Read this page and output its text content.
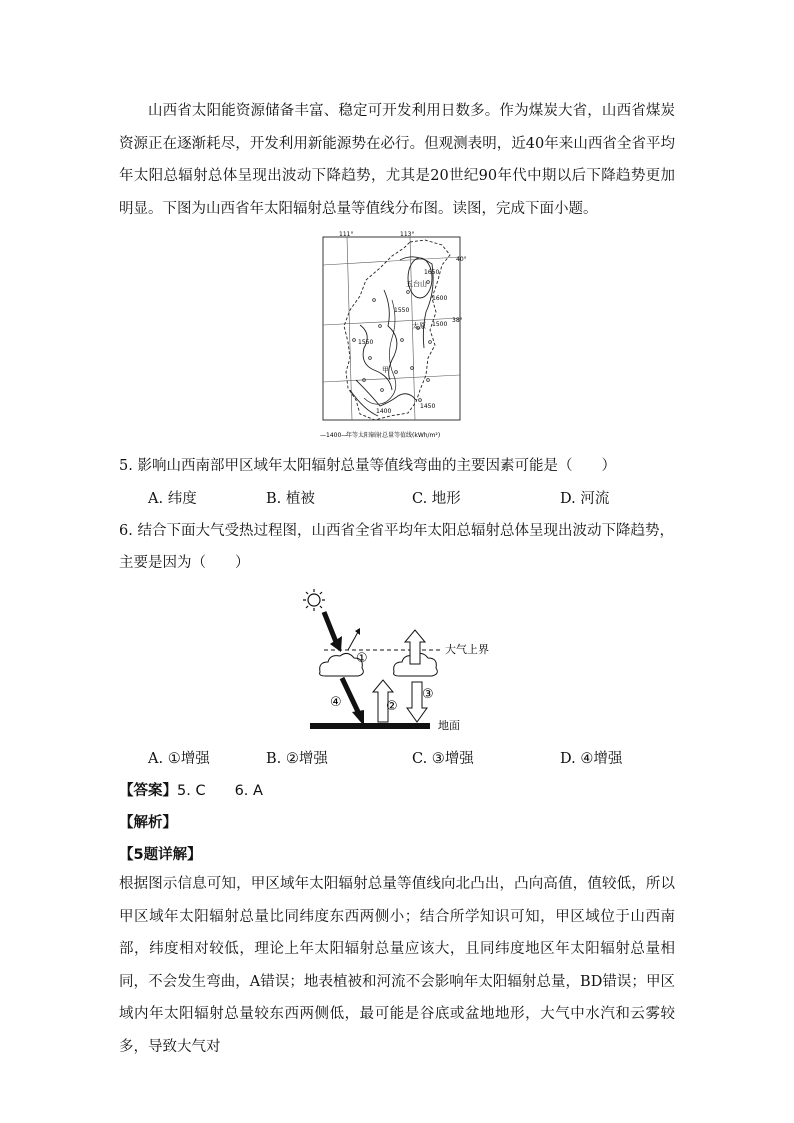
山西省太阳能资源储备丰富、稳定可开发利用日数多。作为煤炭大省，山西省煤炭资源正在逐渐耗尽，开发利用新能源势在必行。但观测表明，近40年来山西省全省平均年太阳总辐射总体呈现出波动下降趋势，尤其是20世纪90年代中期以后下降趋势更加明显。下图为山西省年太阳辐射总量等值线分布图。读图，完成下面小题。
111°	113°
40°
38°
1650
1600
1550
1500
1550
1450
1400
五台山
太原
甲
—1400—
年等太阳辐射总量等值线(kWh/m²)
5. 影响山西南部甲区域年太阳辐射总量等值线弯曲的主要因素可能是（　　）
A. 纬度	B. 植被	C. 地形	D. 河流
6. 结合下面大气受热过程图，山西省全省平均年太阳总辐射总体呈现出波动下降趋势，主要是因为（　　）
大气上界
①
④	②
③
地面
A. ①增强	B. ②增强	C. ③增强	D. ④增强
【答案】5. C　　6. A
【解析】
【5题详解】
根据图示信息可知，甲区域年太阳辐射总量等值线向北凸出，凸向高值，值较低，所以甲区域年太阳辐射总量比同纬度东西两侧小；结合所学知识可知，甲区域位于山西南部，纬度相对较低，理论上年太阳辐射总量应该大，且同纬度地区年太阳辐射总量相同，不会发生弯曲，A错误；地表植被和河流不会影响年太阳辐射总量，BD错误；甲区域内年太阳辐射总量较东西两侧低，最可能是谷底或盆地地形，大气中水汽和云雾较多，导致大气对
